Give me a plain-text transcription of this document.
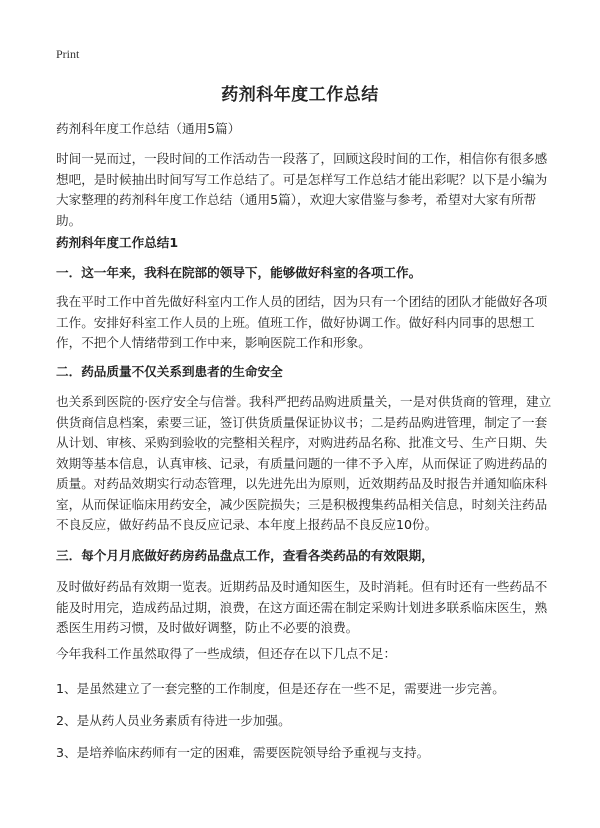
Print
药剂科年度工作总结
药剂科年度工作总结（通用5篇）
时间一晃而过，一段时间的工作活动告一段落了，回顾这段时间的工作，相信你有很多感想吧，是时候抽出时间写写工作总结了。可是怎样写工作总结才能出彩呢？以下是小编为大家整理的药剂科年度工作总结（通用5篇），欢迎大家借鉴与参考，希望对大家有所帮助。
药剂科年度工作总结1
一．这一年来，我科在院部的领导下，能够做好科室的各项工作。
我在平时工作中首先做好科室内工作人员的团结，因为只有一个团结的团队才能做好各项工作。安排好科室工作人员的上班。值班工作，做好协调工作。做好科内同事的思想工作，不把个人情绪带到工作中来，影响医院工作和形象。
二．药品质量不仅关系到患者的生命安全
也关系到医院的·医疗安全与信誉。我科严把药品购进质量关，一是对供货商的管理，建立供货商信息档案，索要三证，签订供货质量保证协议书；二是药品购进管理，制定了一套从计划、审核、采购到验收的完整相关程序，对购进药品名称、批准文号、生产日期、失效期等基本信息，认真审核、记录，有质量问题的一律不予入库，从而保证了购进药品的质量。对药品效期实行动态管理，以先进先出为原则，近效期药品及时报告并通知临床科室，从而保证临床用药安全，减少医院损失；三是积极搜集药品相关信息，时刻关注药品不良反应，做好药品不良反应记录、本年度上报药品不良反应10份。
三．每个月月底做好药房药品盘点工作，查看各类药品的有效限期，
及时做好药品有效期一览表。近期药品及时通知医生，及时消耗。但有时还有一些药品不能及时用完，造成药品过期，浪费，在这方面还需在制定采购计划进多联系临床医生，熟悉医生用药习惯，及时做好调整，防止不必要的浪费。
今年我科工作虽然取得了一些成绩，但还存在以下几点不足：
1、是虽然建立了一套完整的工作制度，但是还存在一些不足，需要进一步完善。
2、是从药人员业务素质有待进一步加强。
3、是培养临床药师有一定的困难，需要医院领导给予重视与支持。
